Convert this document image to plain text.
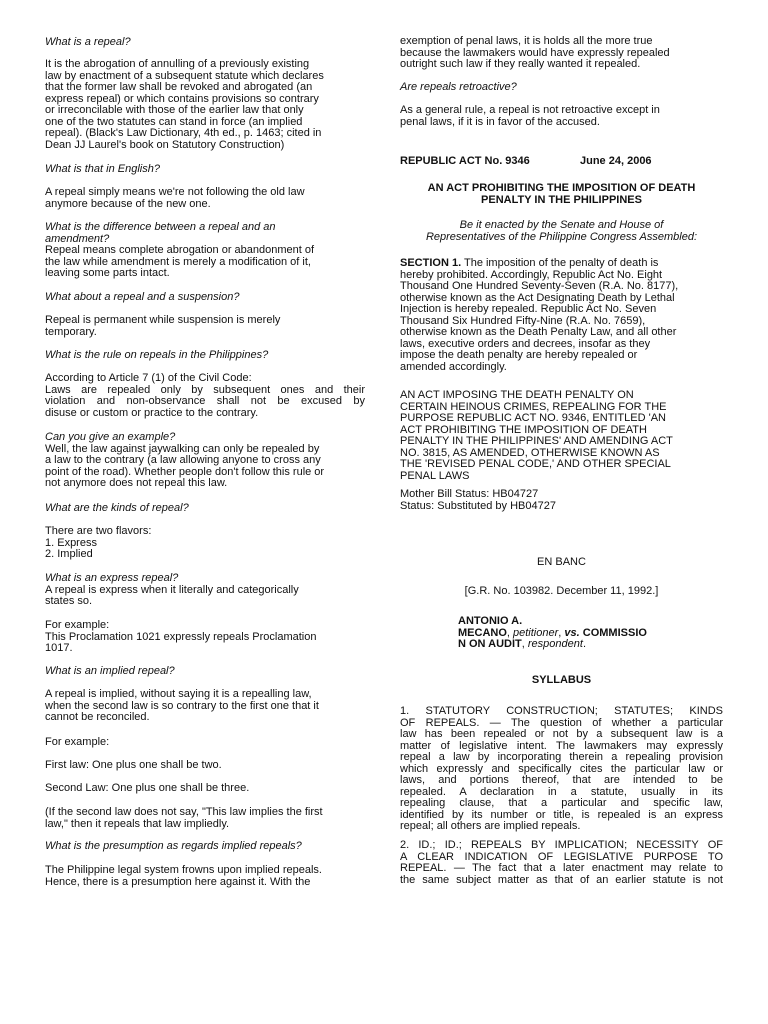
What is a repeal?

It is the abrogation of annulling of a previously existing

law by enactment of a subsequent statute which declares

that the former law shall be revoked and abrogated (an

express repeal) or which contains provisions so contrary

or irreconcilable with those of the earlier law that only

one of the two statutes can stand in force (an implied

repeal). (Black's Law Dictionary, 4th ed., p. 1463; cited in

Dean JJ Laurel's book on Statutory Construction)

What is that in English?

A repeal simply means we're not following the old law

anymore because of the new one.

What is the difference between a repeal and an

amendment?

Repeal means complete abrogation or abandonment of

the law while amendment is merely a modification of it,

leaving some parts intact.

What about a repeal and a suspension?

Repeal is permanent while suspension is merely

temporary.

What is the rule on repeals in the Philippines?

According to Article 7 (1) of the Civil Code:

Laws are repealed only by subsequent ones and their

violation and non-observance shall not be excused by

disuse or custom or practice to the contrary.

Can you give an example?

Well, the law against jaywalking can only be repealed by

a law to the contrary (a law allowing anyone to cross any

point of the road). Whether people don't follow this rule or

not anymore does not repeal this law.

What are the kinds of repeal?

There are two flavors:

1. Express

2. Implied

What is an express repeal?

A repeal is express when it literally and categorically

states so.

For example:

This Proclamation 1021 expressly repeals Proclamation

1017.

What is an implied repeal?

A repeal is implied, without saying it is a repealling law,

when the second law is so contrary to the first one that it

cannot be reconciled.

For example:

First law: One plus one shall be two.

Second Law: One plus one shall be three.

(If the second law does not say, "This law implies the first

law," then it repeals that law impliedly.

What is the presumption as regards implied repeals?

The Philippine legal system frowns upon implied repeals.

Hence, there is a presumption here against it. With the

exemption of penal laws, it is holds all the more true

because the lawmakers would have expressly repealed

outright such law if they really wanted it repealed.

Are repeals retroactive?

As a general rule, a repeal is not retroactive except in

penal laws, if it is in favor of the accused.

REPUBLIC ACT No. 9346	June 24, 2006

AN ACT PROHIBITING THE IMPOSITION OF DEATH

PENALTY IN THE PHILIPPINES

Be it enacted by the Senate and House of

Representatives of the Philippine Congress Assembled:

SECTION 1. The imposition of the penalty of death is

hereby prohibited. Accordingly, Republic Act No. Eight

Thousand One Hundred Seventy-Seven (R.A. No. 8177),

otherwise known as the Act Designating Death by Lethal

Injection is hereby repealed. Republic Act No. Seven

Thousand Six Hundred Fifty-Nine (R.A. No. 7659),

otherwise known as the Death Penalty Law, and all other

laws, executive orders and decrees, insofar as they

impose the death penalty are hereby repealed or

amended accordingly.

AN ACT IMPOSING THE DEATH PENALTY ON

CERTAIN HEINOUS CRIMES, REPEALING FOR THE

PURPOSE REPUBLIC ACT NO. 9346, ENTITLED 'AN

ACT PROHIBITING THE IMPOSITION OF DEATH

PENALTY IN THE PHILIPPINES' AND AMENDING ACT

NO. 3815, AS AMENDED, OTHERWISE KNOWN AS

THE 'REVISED PENAL CODE,' AND OTHER SPECIAL

PENAL LAWS

Mother Bill Status: HB04727

Status: Substituted by HB04727

EN BANC

[G.R. No. 103982. December 11, 1992.]

ANTONIO A.

MECANO, petitioner, vs. COMMISSIO

N ON AUDIT, respondent.

SYLLABUS

1. STATUTORY CONSTRUCTION; STATUTES; KINDS

OF REPEALS. — The question of whether a particular

law has been repealed or not by a subsequent law is a

matter of legislative intent. The lawmakers may expressly

repeal a law by incorporating therein a repealing provision

which expressly and specifically cites the particular law or

laws, and portions thereof, that are intended to be

repealed. A declaration in a statute, usually in its

repealing clause, that a particular and specific law,

identified by its number or title, is repealed is an express

repeal; all others are implied repeals.

2. ID.; ID.; REPEALS BY IMPLICATION; NECESSITY OF

A CLEAR INDICATION OF LEGISLATIVE PURPOSE TO

REPEAL. — The fact that a later enactment may relate to

the same subject matter as that of an earlier statute is not
